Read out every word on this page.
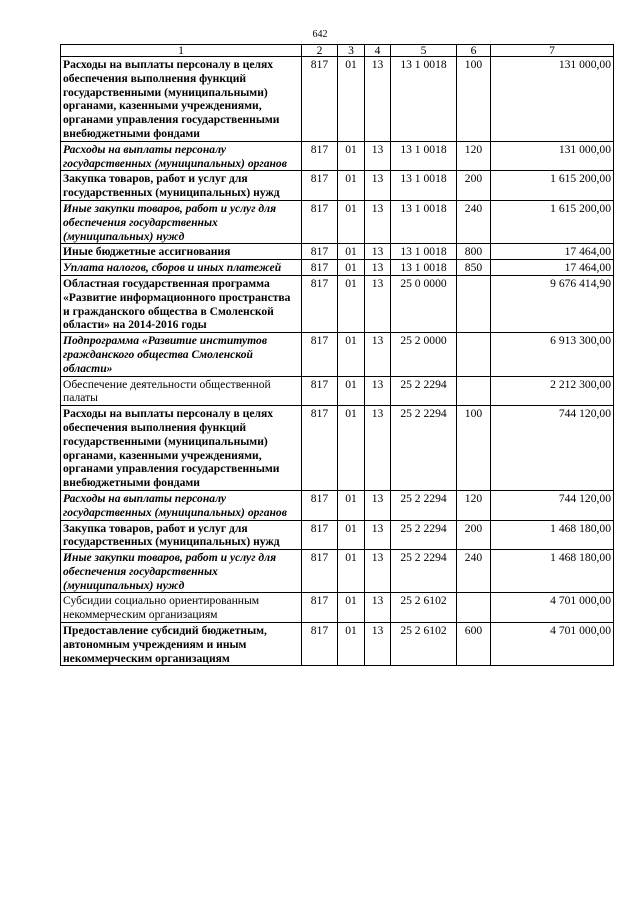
642
1	2	3	4	5	6	7
Расходы на выплаты персоналу в целях обеспечения выполнения функций государственными (муниципальными) органами, казенными учреждениями, органами управления государственными внебюджетными фондами	817	01	13	13 1 0018	100	131 000,00
Расходы на выплаты персоналу государственных (муниципальных) органов	817	01	13	13 1 0018	120	131 000,00
Закупка товаров, работ и услуг для государственных (муниципальных) нужд	817	01	13	13 1 0018	200	1 615 200,00
Иные закупки товаров, работ и услуг для обеспечения государственных (муниципальных) нужд	817	01	13	13 1 0018	240	1 615 200,00
Иные бюджетные ассигнования	817	01	13	13 1 0018	800	17 464,00
Уплата налогов, сборов и иных платежей	817	01	13	13 1 0018	850	17 464,00
Областная государственная программа «Развитие информационного пространства и гражданского общества в Смоленской области» на 2014-2016 годы	817	01	13	25 0 0000		9 676 414,90
Подпрограмма «Развитие институтов гражданского общества Смоленской области»	817	01	13	25 2 0000		6 913 300,00
Обеспечение деятельности общественной палаты	817	01	13	25 2 2294		2 212 300,00
Расходы на выплаты персоналу в целях обеспечения выполнения функций государственными (муниципальными) органами, казенными учреждениями, органами управления государственными внебюджетными фондами	817	01	13	25 2 2294	100	744 120,00
Расходы на выплаты персоналу государственных (муниципальных) органов	817	01	13	25 2 2294	120	744 120,00
Закупка товаров, работ и услуг для государственных (муниципальных) нужд	817	01	13	25 2 2294	200	1 468 180,00
Иные закупки товаров, работ и услуг для обеспечения государственных (муниципальных) нужд	817	01	13	25 2 2294	240	1 468 180,00
Субсидии социально ориентированным некоммерческим организациям	817	01	13	25 2 6102		4 701 000,00
Предоставление субсидий бюджетным, автономным учреждениям и иным некоммерческим организациям	817	01	13	25 2 6102	600	4 701 000,00
